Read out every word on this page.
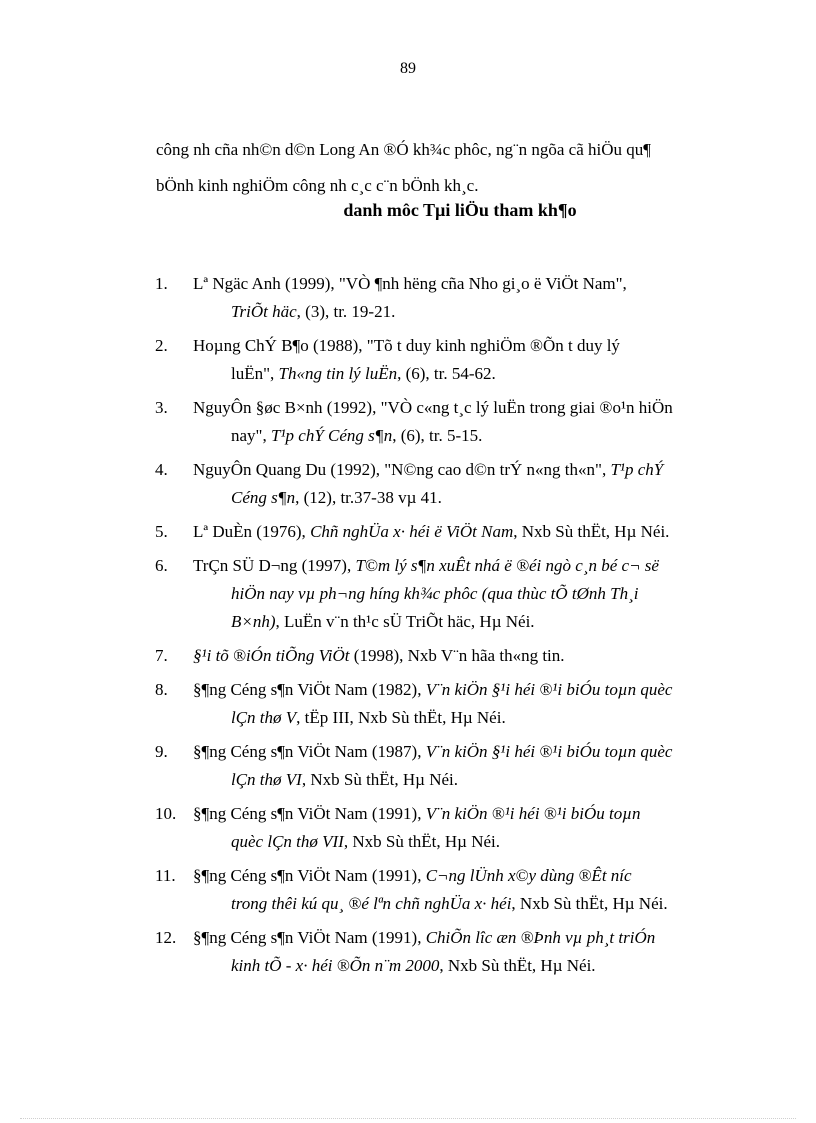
89

công nh cña nh©n d©n Long An ®Ó kh¾c phôc, ng¨n ngõa cã hiÖu qu¶

bÖnh kinh nghiÖm công nh c¸c c¨n bÖnh kh¸c.

danh môc Tµi liÖu tham kh¶o
1.	Lª Ngäc Anh (1999), "VÒ ¶nh hëng cña Nho gi¸o ë ViÖt Nam",
TriÕt häc, (3), tr. 19-21.
2.	Hoµng ChÝ B¶o (1988), "Tõ t duy kinh nghiÖm ®Õn t duy lý
luËn", Th«ng tin lý luËn, (6), tr. 54-62.
3.	NguyÔn §øc B×nh (1992), "VÒ c«ng t¸c lý luËn trong giai ®o¹n hiÖn
nay", T¹p chÝ Céng s¶n, (6), tr. 5-15.
4.	NguyÔn Quang Du (1992), "N©ng cao d©n trÝ n«ng th«n", T¹p chÝ
Céng s¶n, (12), tr.37-38 vµ 41.
5.	Lª DuÈn (1976), Chñ nghÜa x· héi ë ViÖt Nam, Nxb Sù thËt, Hµ Néi.
6.	TrÇn SÜ D¬ng (1997), T©m lý s¶n xuÊt nhá ë ®éi ngò c¸n bé c¬ së
hiÖn nay vµ ph¬ng híng kh¾c phôc (qua thùc tÕ tØnh Th¸i
B×nh), LuËn v¨n th¹c sÜ TriÕt häc, Hµ Néi.
7.	§¹i tõ ®iÓn tiÕng ViÖt (1998), Nxb V¨n hãa th«ng tin.
8.	§¶ng Céng s¶n ViÖt Nam (1982), V¨n kiÖn §¹i héi ®¹i biÓu toµn quèc
lÇn thø V, tËp III, Nxb Sù thËt, Hµ Néi.
9.	§¶ng Céng s¶n ViÖt Nam (1987), V¨n kiÖn §¹i héi ®¹i biÓu toµn quèc
lÇn thø VI, Nxb Sù thËt, Hµ Néi.
10. §¶ng Céng s¶n ViÖt Nam (1991), V¨n kiÖn ®¹i héi ®¹i biÓu toµn
quèc lÇn thø VII, Nxb Sù thËt, Hµ Néi.
11.	§¶ng Céng s¶n ViÖt Nam (1991), C¬ng lÜnh x©y dùng ®Êt níc
trong thêi kú qu¸ ®é lªn chñ nghÜa x· héi, Nxb Sù thËt, Hµ Néi.
12. §¶ng Céng s¶n ViÖt Nam (1991), ChiÕn lîc æn ®Þnh vµ ph¸t triÓn
kinh tÕ - x· héi ®Õn n¨m 2000, Nxb Sù thËt, Hµ Néi.
